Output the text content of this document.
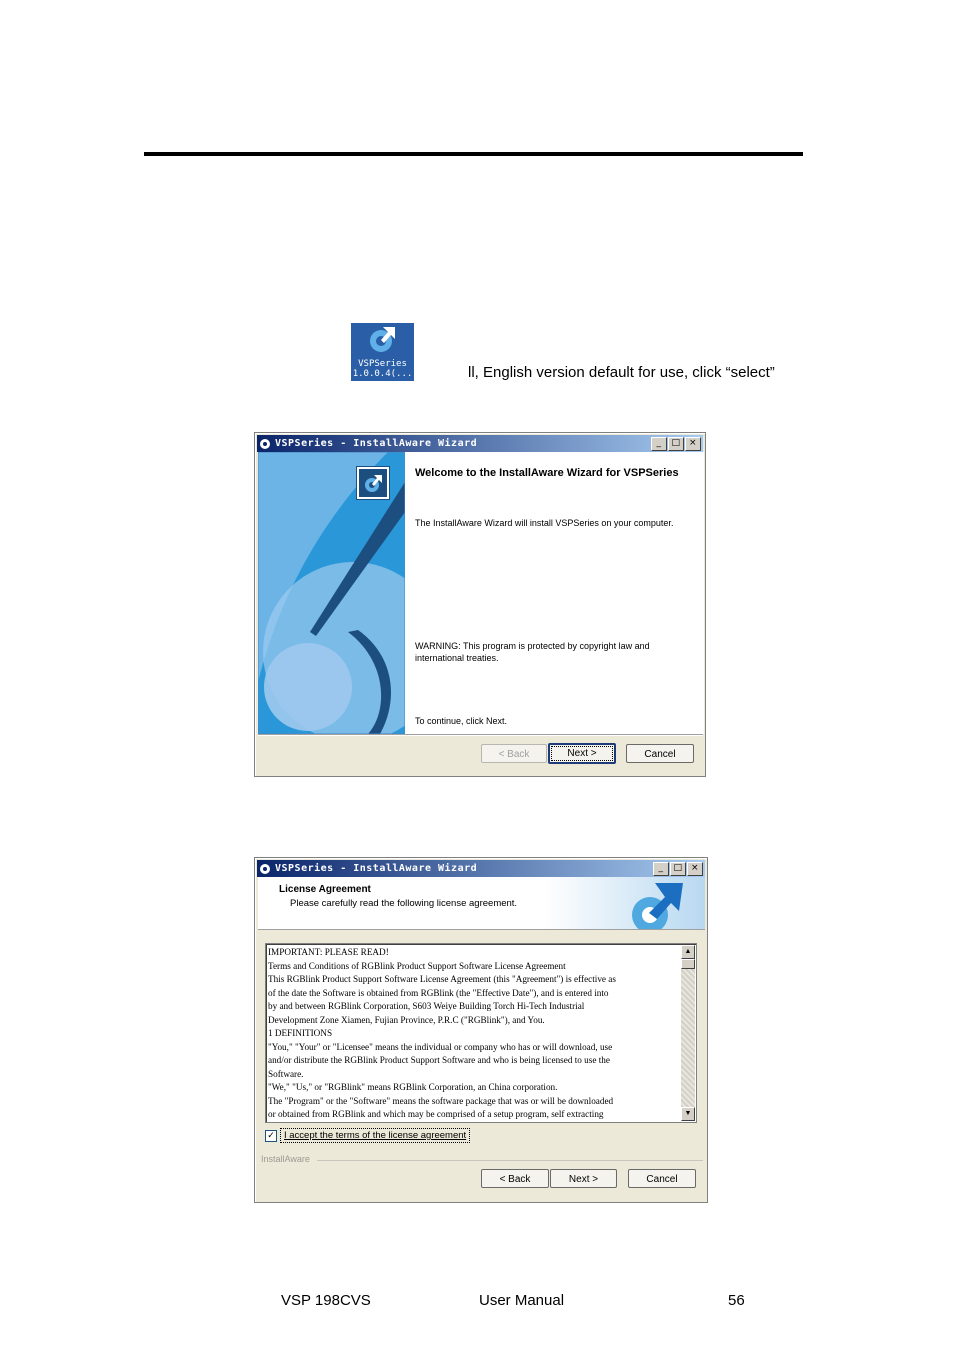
VSPSeries
1.0.0.4(...	ll, English version default for use, click “select”
VSPSeries - InstallAware Wizard	_	□ ×
Welcome to the InstallAware Wizard for VSPSeries
The InstallAware Wizard will install VSPSeries on your computer.
WARNING: This program is protected by copyright law and international treaties.
To continue, click Next.
< Back	Next >	Cancel
VSPSeries - InstallAware Wizard	_	□ ×
License Agreement
Please carefully read the following license agreement.
IMPORTANT: PLEASE READ!
Terms and Conditions of RGBlink Product Support Software License Agreement
This RGBlink Product Support Software License Agreement (this "Agreement") is effective as
of the date the Software is obtained from RGBlink (the "Effective Date"), and is entered into
by and between RGBlink Corporation, S603 Weiye Building Torch Hi-Tech Industrial
Development Zone Xiamen, Fujian Province, P.R.C ("RGBlink"), and You.
1 DEFINITIONS
"You," "Your" or "Licensee" means the individual or company who has or will download, use
and/or distribute the RGBlink Product Support Software and who is being licensed to use the
Software.
"We," "Us," or "RGBlink" means RGBlink Corporation, an China corporation.
The "Program" or the "Software" means the software package that was or will be downloaded
or obtained from RGBlink and which may be comprised of a setup program, self extracting
▲
▼
✓ I accept the terms of the license agreement
InstallAware
< Back	Next >	Cancel
VSP 198CVS	User Manual	56
